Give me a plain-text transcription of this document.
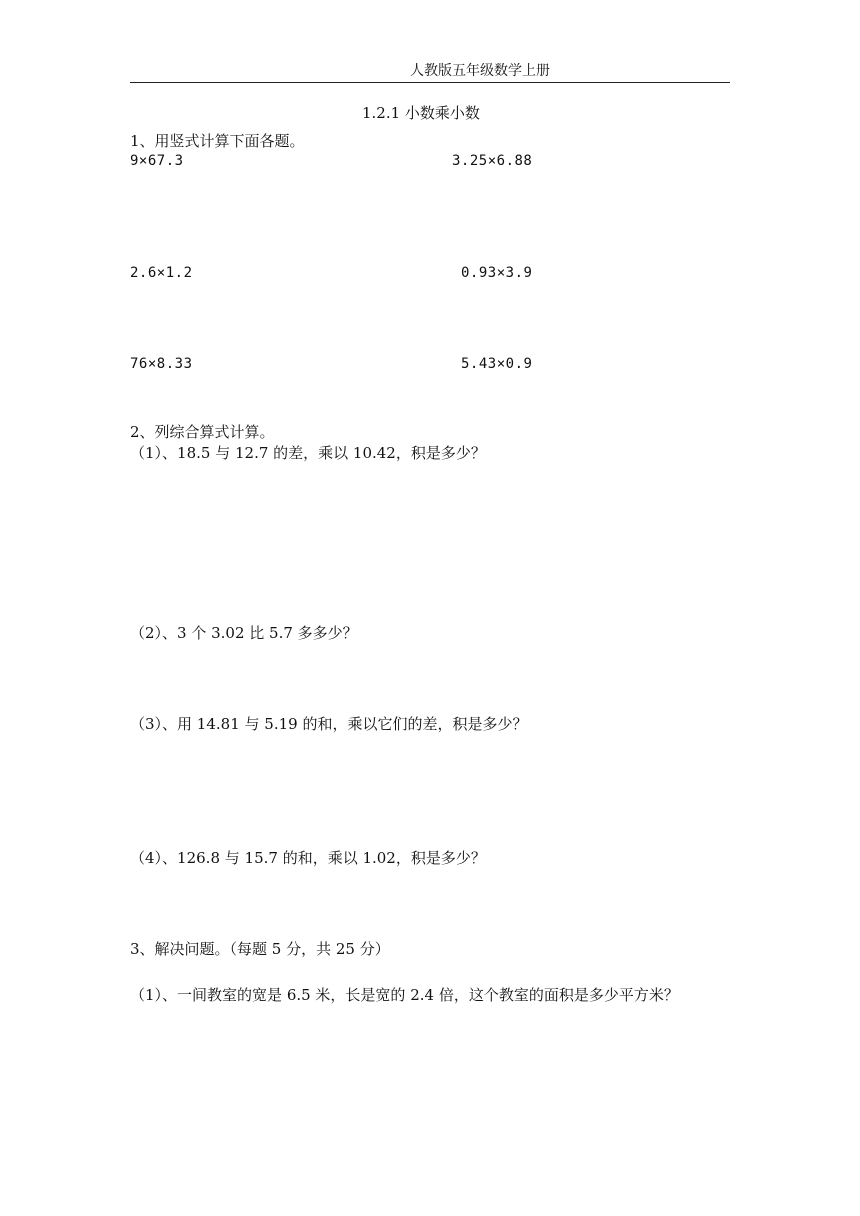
人教版五年级数学上册
1.2.1 小数乘小数
1、用竖式计算下面各题。
9×67.3	3.25×6.88
2.6×1.2	0.93×3.9
76×8.33	5.43×0.9
2、列综合算式计算。
（1）、18.5 与 12.7 的差，乘以 10.42，积是多少？
（2）、3 个 3.02 比 5.7 多多少？
（3）、用 14.81 与 5.19 的和，乘以它们的差，积是多少？
（4）、126.8 与 15.7 的和，乘以 1.02，积是多少？
3、解决问题。（每题 5 分，共 25 分）
（1）、一间教室的宽是 6.5 米，长是宽的 2.4 倍，这个教室的面积是多少平方米？
